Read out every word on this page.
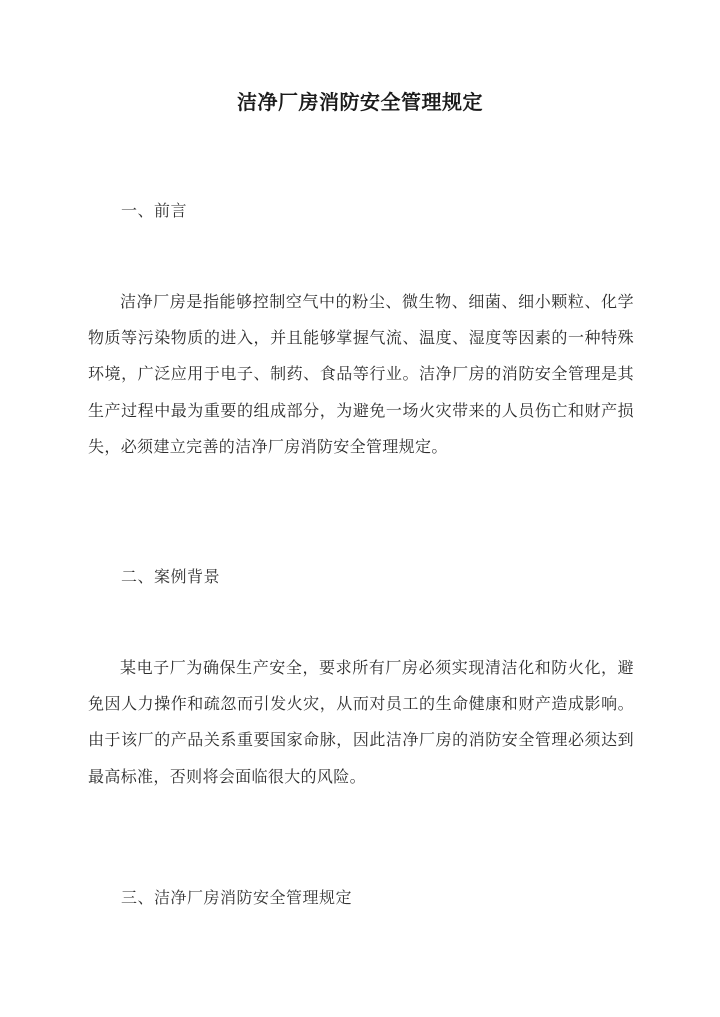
洁净厂房消防安全管理规定
一、前言
洁净厂房是指能够控制空气中的粉尘、微生物、细菌、细小颗粒、化学物质等污染物质的进入，并且能够掌握气流、温度、湿度等因素的一种特殊环境，广泛应用于电子、制药、食品等行业。洁净厂房的消防安全管理是其生产过程中最为重要的组成部分，为避免一场火灾带来的人员伤亡和财产损失，必须建立完善的洁净厂房消防安全管理规定。
二、案例背景
某电子厂为确保生产安全，要求所有厂房必须实现清洁化和防火化，避免因人力操作和疏忽而引发火灾，从而对员工的生命健康和财产造成影响。由于该厂的产品关系重要国家命脉，因此洁净厂房的消防安全管理必须达到最高标准，否则将会面临很大的风险。
三、洁净厂房消防安全管理规定
